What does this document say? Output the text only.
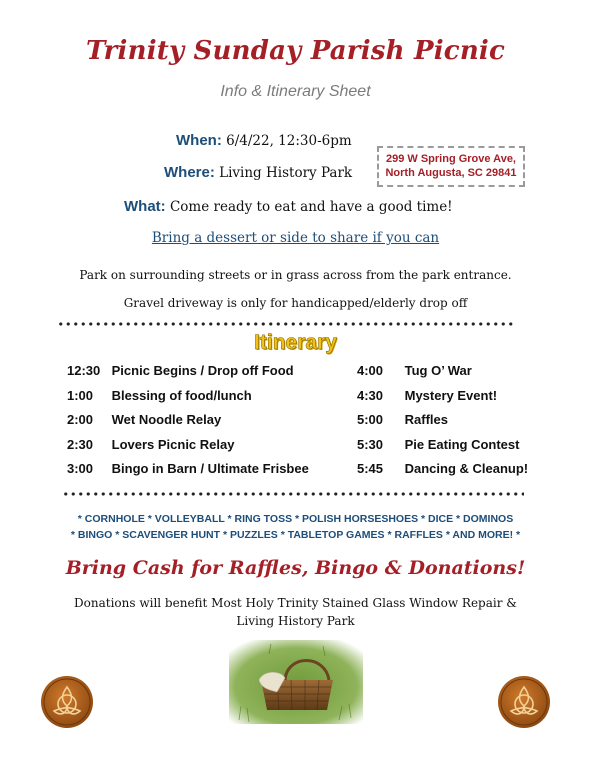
Trinity Sunday Parish Picnic
Info & Itinerary Sheet
When: 6/4/22, 12:30-6pm
Where: Living History Park
299 W Spring Grove Ave,
North Augusta, SC 29841
What: Come ready to eat and have a good time!
Bring a dessert or side to share if you can
Park on surrounding streets or in grass across from the park entrance.
Gravel driveway is only for handicapped/elderly drop off
Itinerary
12:30 Picnic Begins / Drop off Food
1:00 Blessing of food/lunch
2:00 Wet Noodle Relay
2:30 Lovers Picnic Relay
3:00 Bingo in Barn / Ultimate Frisbee
4:00 Tug O’ War
4:30 Mystery Event!
5:00 Raffles
5:30 Pie Eating Contest
5:45 Dancing & Cleanup!
* CORNHOLE * VOLLEYBALL * RING TOSS * POLISH HORSESHOES * DICE * DOMINOS
* BINGO * SCAVENGER HUNT * PUZZLES * TABLETOP GAMES * RAFFLES * AND MORE! *
Bring Cash for Raffles, Bingo & Donations!
Donations will benefit Most Holy Trinity Stained Glass Window Repair &
Living History Park
